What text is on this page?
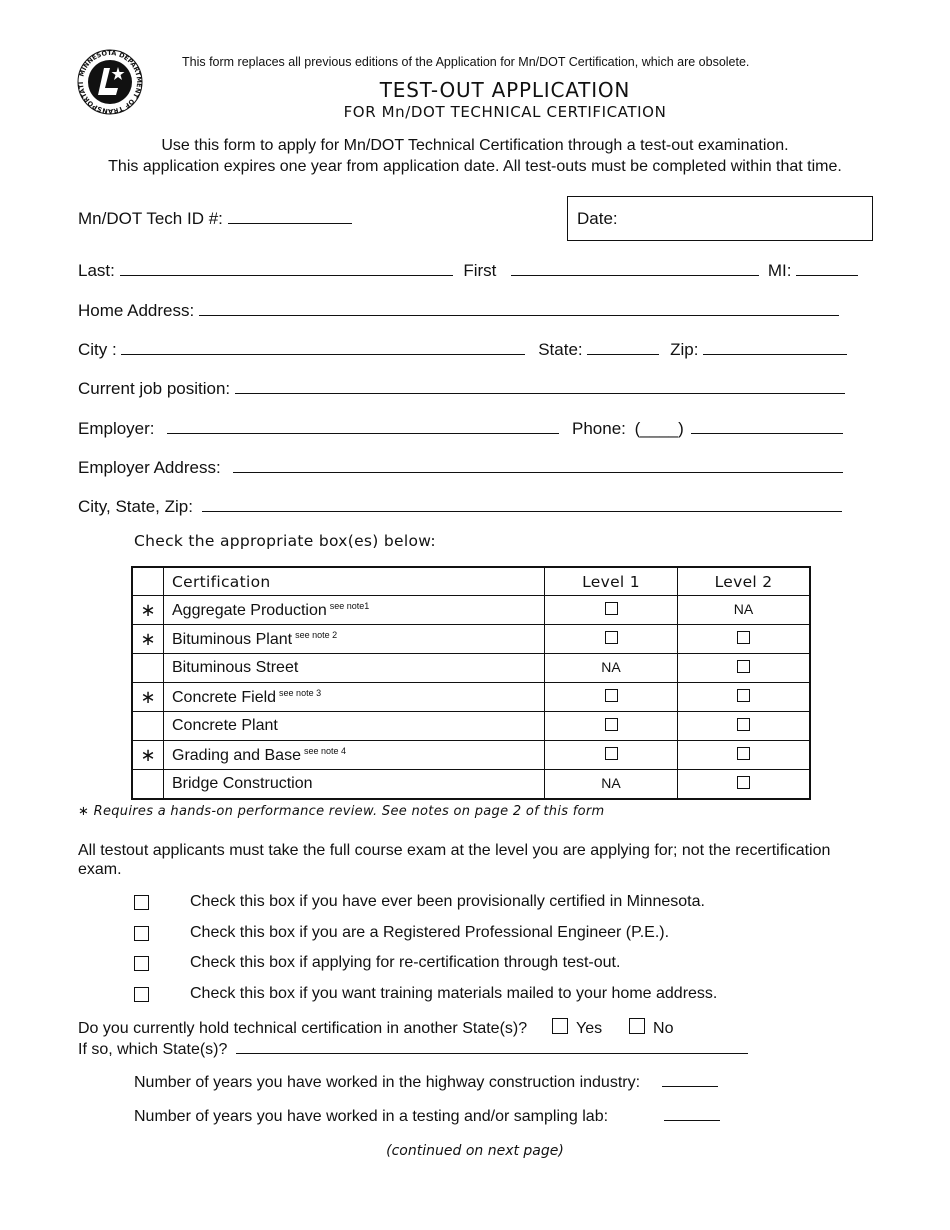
MINNESOTA DEPARTMENT OF TRANSPORTATI
This form replaces all previous editions of the Application for Mn/DOT Certification, which are obsolete.
TEST-OUT APPLICATION
FOR Mn/DOT TECHNICAL CERTIFICATION
Use this form to apply for Mn/DOT Technical Certification through a test-out examination.
This application expires one year from application date. All test-outs must be completed within that time.
Mn/DOT Tech ID #:	Date:
Last:	First	MI:
Home Address:
City :	State:	Zip:
Current job position:
Employer:	Phone: (____)
Employer Address:
City, State, Zip:
Check the appropriate box(es) below:
	Certification	Level 1	Level 2
∗	Aggregate Production $^{see note1}$		NA
∗	Bituminous Plant $^{see note 2}$		
	Bituminous Street	NA	
∗	Concrete Field $^{see note 3}$		
	Concrete Plant		
∗	Grading and Base $^{see note 4}$		
	Bridge Construction	NA	
∗ Requires a hands-on performance review. See notes on page 2 of this form
All testout applicants must take the full course exam at the level you are applying for; not the recertification exam.
Check this box if you have ever been provisionally certified in Minnesota.
Check this box if you are a Registered Professional Engineer (P.E.).
Check this box if applying for re-certification through test-out.
Check this box if you want training materials mailed to your home address.
Do you currently hold technical certification in another State(s)?	Yes	No
If so, which State(s)?
Number of years you have worked in the highway construction industry:
Number of years you have worked in a testing and/or sampling lab:
(continued on next page)
